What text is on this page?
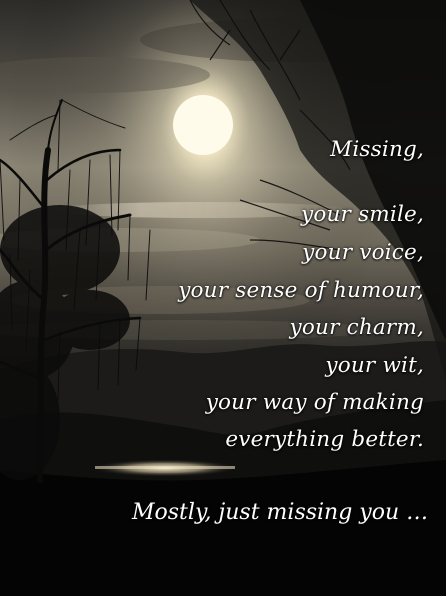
Missing,
your smile,
your voice,
your sense of humour,
your charm,
your wit,
your way of making
everything better.
Mostly, just missing you …
